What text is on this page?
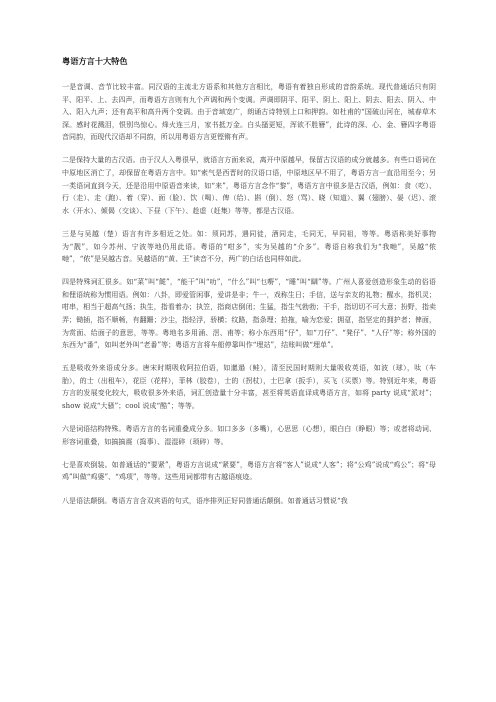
粤语方言十大特色

一是音调、音节比较丰富。同汉语的主流北方语系和其他方言相比，粤语有着独自形成的音韵系统。现代普通话只有阴平、阳平、上、去四声，而粤语方言则有九个声调和两个变调。声调即阴平、阳平、阴上、阳上、阴去、阳去、阴入、中入、阳入九声；还有高平和高升两个变调。由于音域宽广，朗诵古诗特别上口和押韵。如杜甫的“国破山河在，城春草木深。感时花溅泪，恨别鸟惊心。烽火连三月，家书抵万金。白头搔更短，浑欲不胜簪”，此诗的深、心、金、簪四字粤语音同韵，而现代汉语却不同韵，所以用粤语方言更铿锵有声。

二是保持大量的古汉语。由于汉人入粤很早，就语言方面来说，离开中原越早，保留古汉语的成分就越多。有些口语词在中原地区消亡了，却保留在粤语方言中。如“索气是西晋时的汉语口语，中原地区早不用了，粤语方言一直沿用至今；另一类语词直到今天，还是沿用中原语音来读，如“来”，粤语方言念作“黎”，粤语方言中很多是古汉语，例如：食（吃）、行（走）、走（跑）、着（穿）、面（脸）、饮（喝）、俾（给）、斟（倒）、怒（骂）、晓（知道）、翼（翅膀）、晏（迟）、滚水（开水）、倾偈（交谈）、下昼（下午）、趁虚（赶集）等等，都是古汉语。

三是与吴越（楚）语言有许多相近之处。如：须同苏，遇同徒，酒同走，毛同无，早同祖，等等。粤语称美好事物为“靓”，如今苏州、宁波等地仍用此语。粤语的“咁多”，实为吴越的“介多”。粤语自称我们为“我哋”，吴越“侬哋”，“侬”是吴越古音。吴越语的“黄、王”读音不分，两广的白话也同样如此。

四是特殊词汇很多。如“菜”叫“餸”，“能干”叫“叻”，“什么”叫“乜嘢”，“睡”叫“瞓”等。广州人喜爱创造形象生动的俗语和俚语统称为惯用语。例如：八卦，即爱管闲事，爱讲是非；牛一，戏称生日；手信，送与亲友的礼物；醒水，指机灵；咁串，相当于超高气扬；执生，指看着办；执笠，指商店倒闭；生猛，指生气勃勃；干手，指切切不可大意；扮野，指卖弄；锄插，指不顺畅，有翻跚；沙尘，指轻浮，骄横；纹路，指条理；拍拖，喻为恋爱；拥趸，指坚定的拥护者；俾面，为赏面、给面子的意思，等等。粤地名多用涌、滘、甫等；称小东西用“仔”，如“刀仔”、“凳仔”、“人仔”等；称外国的东西为“番”，如叫老外叫“老番”等；粤语方言将车船停靠叫作“埋站”，结账叫做“埋单”。

五是吸收外来语成分多。唐宋时期吸收阿拉伯语，如邋遢（鲑），清至民国时期则大量吸收英语，如波（球），呔（车胎），的士（出租车），花臣（花样），菲林（胶卷），士的（拐杖），士巴拿（扳手），买飞（买票）等。特别近年来，粤语方言的发展变化较大，吸收很多外来语，词汇创造量十分丰富，甚至将英语直译成粤语方言，如将 party 说成“派对”；show 说成“大骚”；cool 说成“酷”；等等。

六是词语结构特殊。粤语方言的名词重叠成分多。如口多多（多嘴），心思思（心想），眼白白（睁眼）等；或者将动词、形容词重叠，如搞搞震（捣事）、湿湿碎（琐碎）等。

七是喜欢倒装。如普通话的“要紧”，粤语方言说成“紧要”，粤语方言将“客人”说成“人客”；将“公鸡”说成“鸡公”；将“母鸡”叫做“鸡婆”、“鸡项”，等等。这些用词都带有古越语痕迹。

八是语法颠倒。粤语方言含双宾语的句式，语序排列正好同普通话颠倒。如普通话习惯说“我
